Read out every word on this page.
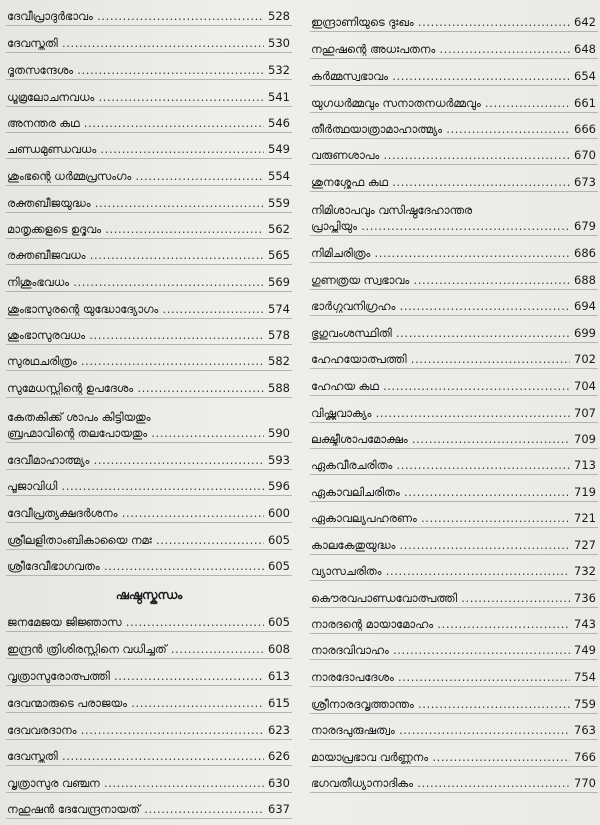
ദേവീപ്രാദുർഭാവം .....	528
ദേവസ്തുതി .....	530
ദൂതസന്ദേശം .....	532
ധൂമ്രലോചനവധം .....	541
അനന്തര കഥ .....	546
ചണ്ഡമുണ്ഡവധം .....	549
ശുംഭന്റെ ധർമ്മപ്രസംഗം .....	554
രക്തബീജയുദ്ധം .....	559
മാതൃക്കളുടെ ഉദ്ഭവം .....	562
രക്തബീജവധം .....	565
നിശുംഭവധം .....	569
ശുംഭാസുരന്റെ യുദ്ധോദ്യോഗം .....	574
ശുംഭാസുരവധം .....	578
സുരഥചരിത്രം .....	582
സുമേധസ്സിന്റെ ഉപദേശം .....	588
കേതകിക്ക് ശാപം കിട്ടിയതും
ബ്രഹ്മാവിന്റെ തലപോയതും .....	590
ദേവീമാഹാത്മ്യം .....	593
പൂജാവിധി .....	596
ദേവീപ്രത്യക്ഷദർശനം .....	600
ശ്രീലളിതാംബികായൈ നമഃ .....	605
ശ്രീദേവീഭാഗവതം .....	605
ഷഷ്ഠസ്കന്ധം
ജനമേജയ ജിജ്ഞാസ .....	605
ഇന്ദ്രൻ ത്രിശിരസ്സിനെ വധിച്ചത് .....	608
വൃത്രാസുരോത്പത്തി .....	613
ദേവന്മാരുടെ പരാജയം .....	615
ദേവവരദാനം .....	623
ദേവസ്തുതി .....	626
വൃത്രാസുര വഞ്ചന .....	630
നഹുഷൻ ദേവേന്ദ്രനായത് .....	637
ഇന്ദ്രാണിയുടെ ദുഃഖം .....	642
നഹുഷന്റെ അധഃപതനം .....	648
കർമ്മസ്വഭാവം .....	654
യുഗധർമ്മവും സനാതനധർമ്മവും .....	661
തീർത്ഥയാത്രാമാഹാത്മ്യം .....	666
വരുണശാപം .....	670
ശുനശ്ശേഫ കഥ .....	673
നിമിശാപവും വസിഷ്ഠദേഹാന്തര
പ്രാപ്തിയും .....	679
നിമിചരിത്രം .....	686
ഗുണത്രയ സ്വഭാവം .....	688
ഭാർഗ്ഗവനിഗ്രഹം .....	694
ഭൃഗുവംശസ്ഥിതി .....	699
ഹേഹയോത്പത്തി .....	702
ഹേഹയ കഥ .....	704
വിഷ്ണുവാക്യം .....	707
ലക്ഷ്മീശാപമോക്ഷം .....	709
ഏകവീരചരിതം .....	713
ഏകാവലിചരിതം .....	719
ഏകാവല്യപഹരണം .....	721
കാലകേതുയുദ്ധം .....	727
വ്യാസചരിതം .....	732
കൌരവപാണ്ഡവോത്പത്തി .....	736
നാരദന്റെ മായാമോഹം .....	743
നാരദവിവാഹം .....	749
നാരദോപദേശം .....	754
ശ്രീനാരദവൃത്താന്തം .....	759
നാരദപുരുഷത്വം .....	763
മായാപ്രഭാവ വർണ്ണനം .....	766
ഭഗവതീധ്യാനാദികം .....	770
